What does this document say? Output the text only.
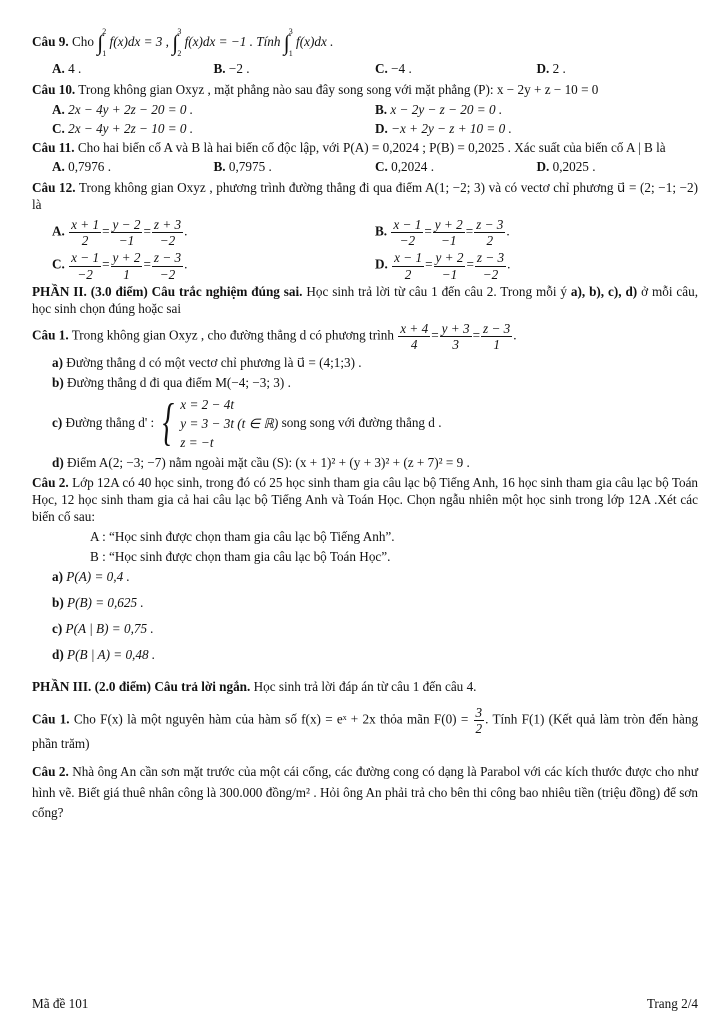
Câu 9. Cho ∫ 2
1
f(x)dx = 3 , ∫ 3
2
f(x)dx = −1 . Tính ∫ 3
1
f(x)dx .
A. 4 .	B. −2 .	C. −4 .	D. 2 .
Câu 10. Trong không gian Oxyz , mặt phẳng nào sau đây song song với mặt phẳng (P): x − 2y + z − 10 = 0
A. 2x − 4y + 2z − 20 = 0 .	B. x − 2y − z − 20 = 0 .
C. 2x − 4y + 2z − 10 = 0 .	D. −x + 2y − z + 10 = 0 .
Câu 11. Cho hai biến cố A và B là hai biến cố độc lập, với P(A) = 0,2024 ; P(B) = 0,2025 . Xác suất của biến cố A | B là
A. 0,7976 .	B. 0,7975 .	C. 0,2024 .	D. 0,2025 .
Câu 12. Trong không gian Oxyz , phương trình đường thẳng đi qua điểm A(1; −2; 3) và có vectơ chỉ phương u⃗ = (2; −1; −2) là
A. $\frac{x + 1}{2} = \frac{y - 2}{-1} = \frac{z + 3}{-2}$ .	B. $\frac{x - 1}{-2} = \frac{y + 2}{-1} = \frac{z - 3}{2}$ .
C. $\frac{x - 1}{-2} = \frac{y + 2}{1} = \frac{z - 3}{-2}$ .	D. $\frac{x - 1}{2} = \frac{y + 2}{-1} = \frac{z - 3}{-2}$ .
PHẦN II. (3.0 điểm) Câu trắc nghiệm đúng sai. Học sinh trả lời từ câu 1 đến câu 2. Trong mỗi ý a), b), c), d) ở mỗi câu, học sinh chọn đúng hoặc sai
Câu 1. Trong không gian Oxyz , cho đường thẳng d có phương trình $\frac{x + 4}{4} = \frac{y + 3}{3} = \frac{z - 3}{1}$ .
a) Đường thẳng d có một vectơ chỉ phương là u⃗ = (4;1;3) .
b) Đường thẳng d đi qua điểm M(−4; −3; 3) .
c) Đường thẳng d' : { x = 2 − 4t
y = 3 − 3t (t ∈ ℝ)
z = −t
song song với đường thẳng d .
d) Điểm A(2; −3; −7) nằm ngoài mặt cầu (S): (x + 1)² + (y + 3)² + (z + 7)² = 9 .
Câu 2. Lớp 12A có 40 học sinh, trong đó có 25 học sinh tham gia câu lạc bộ Tiếng Anh, 16 học sinh tham gia câu lạc bộ Toán Học, 12 học sinh tham gia cả hai câu lạc bộ Tiếng Anh và Toán Học. Chọn ngẫu nhiên một học sinh trong lớp 12A .Xét các biến cố sau:
A : “Học sinh được chọn tham gia câu lạc bộ Tiếng Anh”.
B : “Học sinh được chọn tham gia câu lạc bộ Toán Học”.
a) P(A) = 0,4 .
b) P(B) = 0,625 .
c) P(A | B) = 0,75 .
d) P(B | A) = 0,48 .
PHẦN III. (2.0 điểm) Câu trả lời ngắn. Học sinh trả lời đáp án từ câu 1 đến câu 4.
Câu 1. Cho F(x) là một nguyên hàm của hàm số f(x) = eˣ + 2x thỏa mãn $F(0) = \frac{3}{2}$ . Tính F(1) (Kết quả làm tròn đến hàng phần trăm)
Câu 2. Nhà ông An cần sơn mặt trước của một cái cổng, các đường cong có dạng là Parabol với các kích thước được cho như hình vẽ. Biết giá thuê nhân công là 300.000 đồng/m² . Hỏi ông An phải trả cho bên thi công bao nhiêu tiền (triệu đồng) để sơn cổng?
Mã đề 101	Trang 2/4
